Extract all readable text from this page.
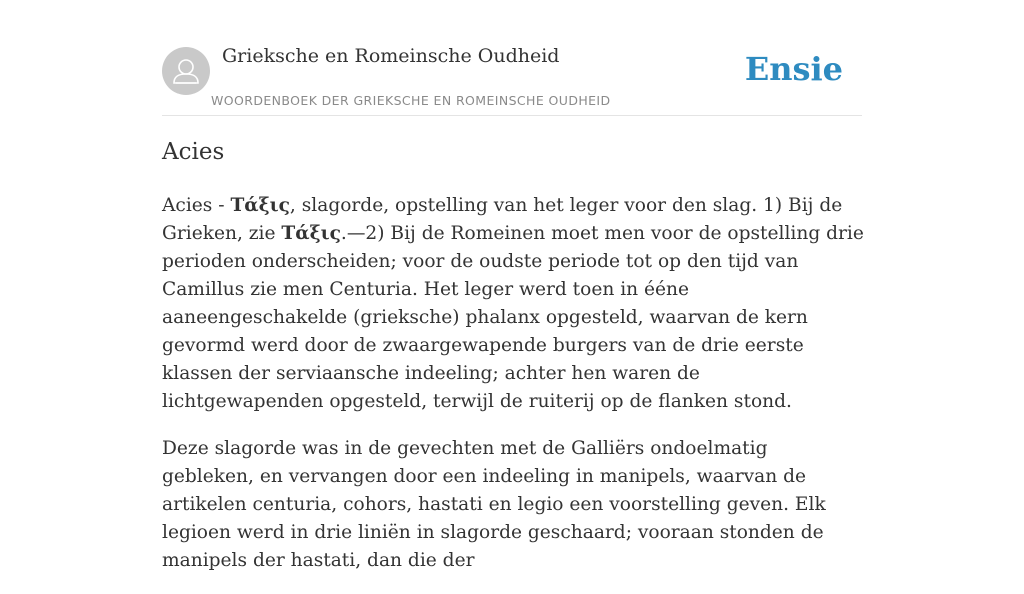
Grieksche en Romeinsche Oudheid
WOORDENBOEK DER GRIEKSCHE EN ROMEINSCHE OUDHEID
Ensie
Acies

Acies - Τάξις, slagorde, opstelling van het leger voor den slag. 1) Bij de Grieken, zie Τάξις.—2) Bij de Romeinen moet men voor de opstelling drie perioden onderscheiden; voor de oudste periode tot op den tijd van Camillus zie men Centuria. Het leger werd toen in ééne aaneengeschakelde (grieksche) phalanx opgesteld, waarvan de kern gevormd werd door de zwaargewapende burgers van de drie eerste klassen der serviaansche indeeling; achter hen waren de lichtgewapenden opgesteld, terwijl de ruiterij op de flanken stond.

Deze slagorde was in de gevechten met de Galliërs ondoelmatig gebleken, en vervangen door een indeeling in manipels, waarvan de artikelen centuria, cohors, hastati en legio een voorstelling geven. Elk legioen werd in drie liniën in slagorde geschaard; vooraan stonden de manipels der hastati, dan die der
